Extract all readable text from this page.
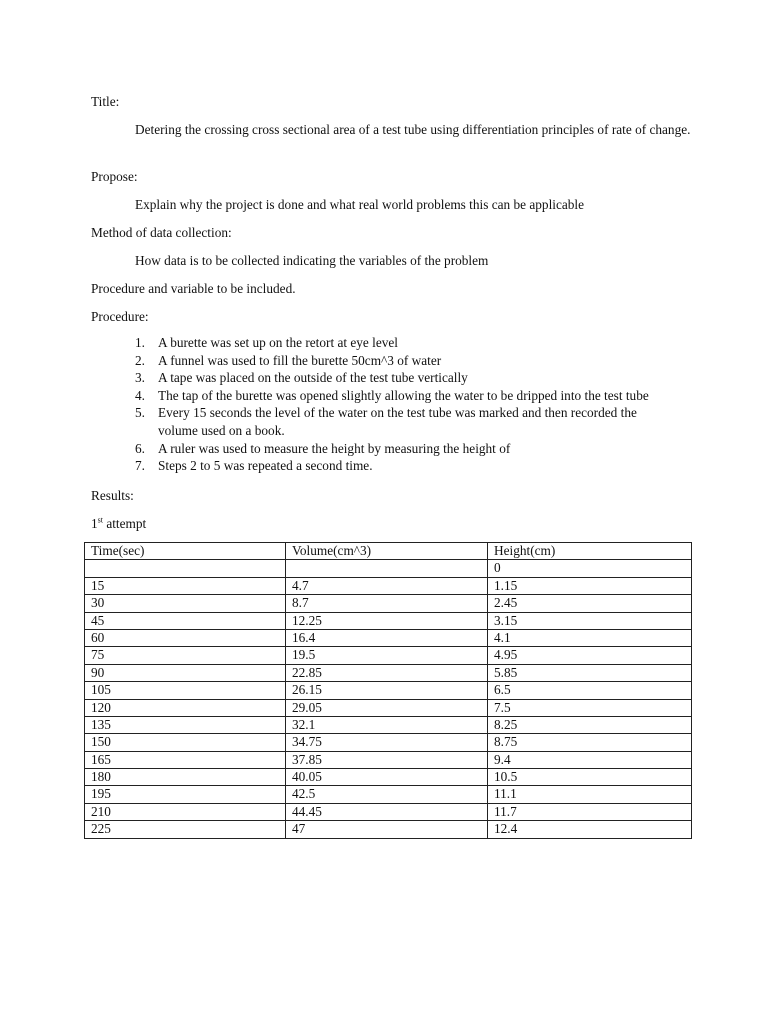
Title:
Detering the crossing cross sectional area of a test tube using differentiation principles of rate of change.
Propose:
Explain why the project is done and what real world problems this can be applicable
Method of data collection:
How data is to be collected indicating the variables of the problem
Procedure and variable to be included.
Procedure:
1. A burette was set up on the retort at eye level
2. A funnel was used to fill the burette 50cm^3 of water
3. A tape was placed on the outside of the test tube vertically
4. The tap of the burette was opened slightly allowing the water to be dripped into the test tube
5. Every 15 seconds the level of the water on the test tube was marked and then recorded the volume used on a book.
6. A ruler was used to measure the height by measuring the height of
7. Steps 2 to 5 was repeated a second time.
Results:
1st attempt
Time(sec)	Volume(cm^3)	Height(cm)
		0
15	4.7	1.15
30	8.7	2.45
45	12.25	3.15
60	16.4	4.1
75	19.5	4.95
90	22.85	5.85
105	26.15	6.5
120	29.05	7.5
135	32.1	8.25
150	34.75	8.75
165	37.85	9.4
180	40.05	10.5
195	42.5	11.1
210	44.45	11.7
225	47	12.4
